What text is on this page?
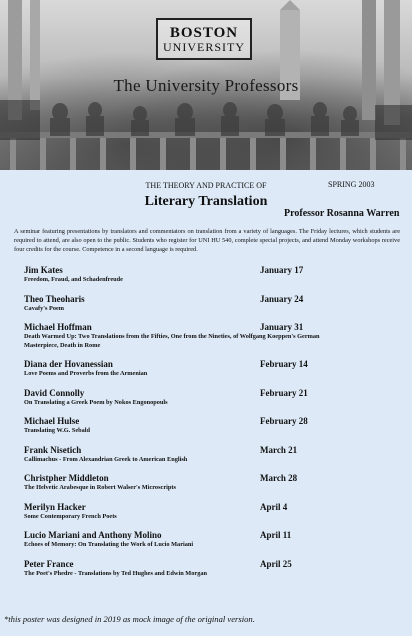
BOSTON
UNIVERSITY
The University Professors
SPRING 2003
THE THEORY AND PRACTICE OF
Literary Translation
Professor Rosanna Warren
A seminar featuring presentations by translators and commentators on translation from a variety of languages. The Friday lectures, which students are required to attend, are also open to the public. Students who register for UNI HU 540, complete special projects, and attend Monday workshops receive four credits for the course. Competence in a second language is required.
Jim Kates	January 17
Freedom, Fraud, and Schadenfreude
Theo Theoharis	January 24
Cavafy's Poem
Michael Hoffman	January 31
Death Warmed Up: Two Translations from the Fifties, One from the Nineties, of Wolfgang Koeppen's German Masterpiece, Death in Rome
Diana der Hovanessian	February 14
Love Poems and Proverbs from the Armenian
David Connolly	February 21
On Translating a Greek Poem by Nokos Engonopouls
Michael Hulse	February 28
Translating W.G. Sebald
Frank Nisetich	March 21
Callimachus - From Alexandrian Greek to American English
Christpher Middleton	March 28
The Helvetic Arabesque in Robert Walser's Microscripts
Merilyn Hacker	April 4
Some Contemporary French Poets
Lucio Mariani and Anthony Molino	April 11
Echoes of Memory: On Translating the Work of Lucio Mariani
Peter France	April 25
The Poet's Phedre - Translations by Ted Hughes and Edwin Morgan
*this poster was designed in 2019 as mock image of the original version.
